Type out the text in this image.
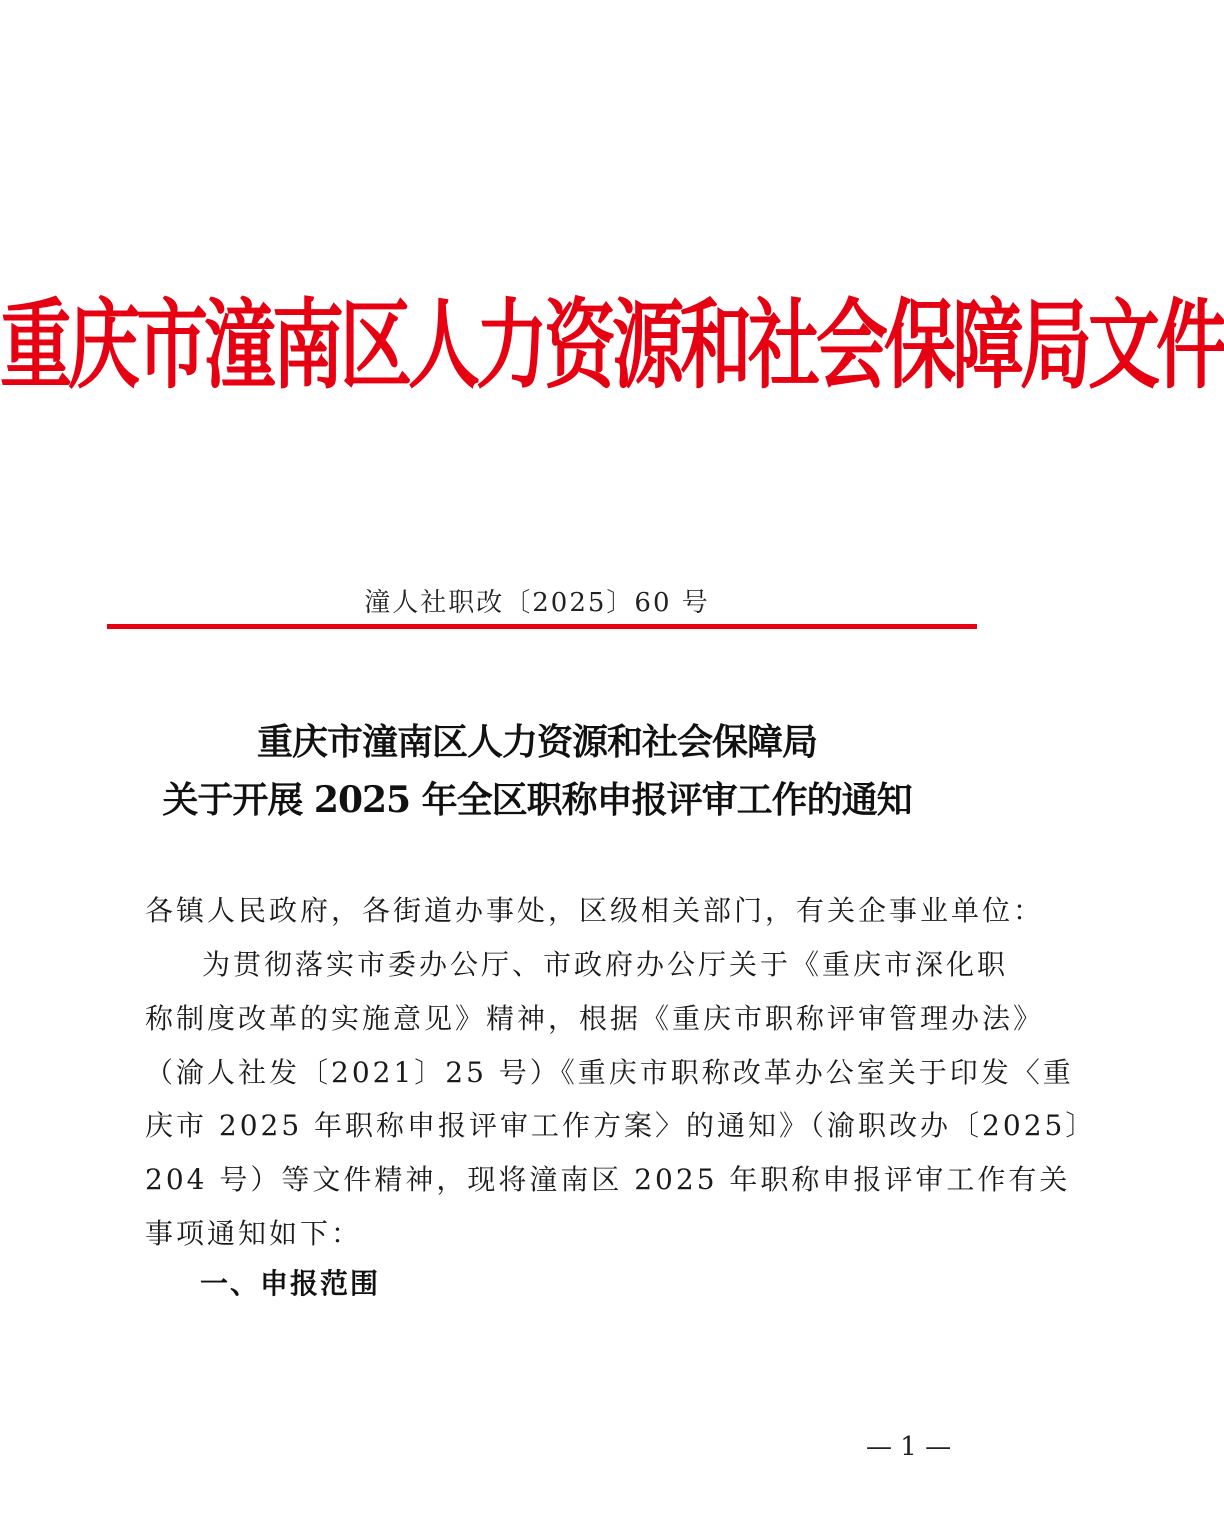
重庆市潼南区人力资源和社会保障局文件
潼人社职改〔2025〕60 号
重庆市潼南区人力资源和社会保障局
关于开展 2025 年全区职称申报评审工作的通知
各镇人民政府，各街道办事处，区级相关部门，有关企事业单位：
为贯彻落实市委办公厅、市政府办公厅关于《重庆市深化职
称制度改革的实施意见》精神，根据《重庆市职称评审管理办法》
（渝人社发〔2021〕25 号）《重庆市职称改革办公室关于印发〈重
庆市 2025 年职称申报评审工作方案〉的通知》（渝职改办〔2025〕
204 号）等文件精神，现将潼南区 2025 年职称申报评审工作有关
事项通知如下：
一、申报范围
— 1 —
